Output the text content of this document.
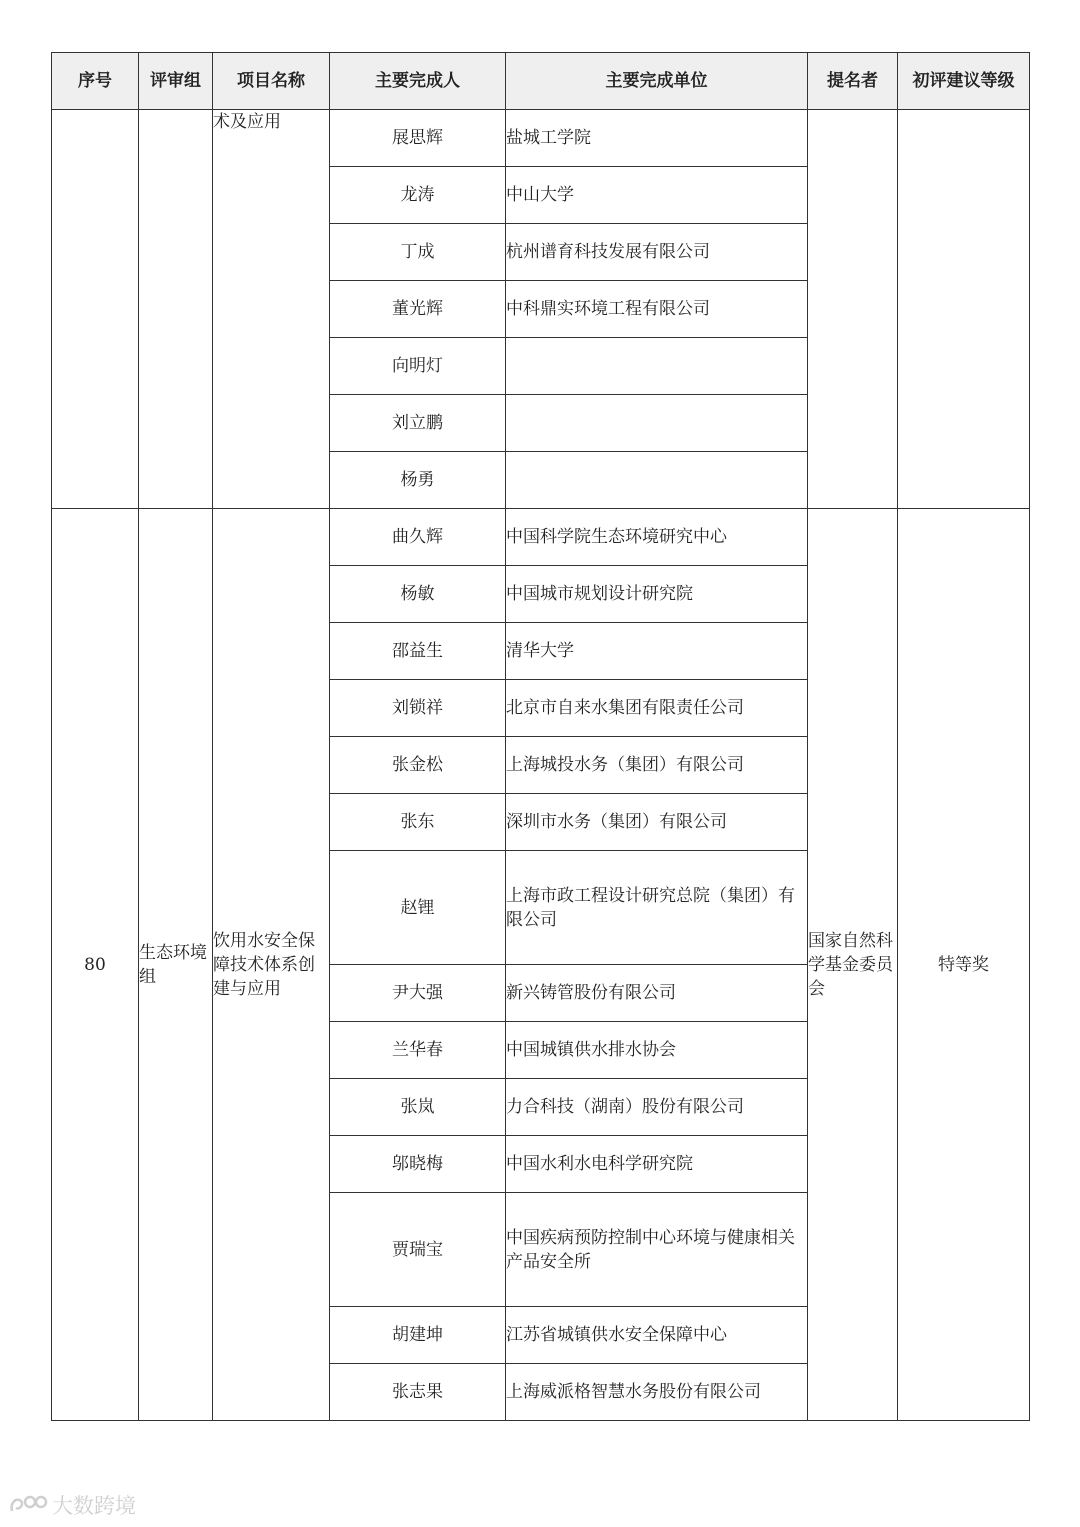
序号	评审组	项目名称	主要完成人	主要完成单位	提名者	初评建议等级
		术及应用	展思辉	盐城工学院		
			龙涛	中山大学		
			丁成	杭州谱育科技发展有限公司		
			董光辉	中科鼎实环境工程有限公司		
			向明灯			
			刘立鹏			
			杨勇			
80	生态环境组	饮用水安全保障技术体系创建与应用	曲久辉	中国科学院生态环境研究中心	国家自然科学基金委员会	特等奖
			杨敏	中国城市规划设计研究院		
			邵益生	清华大学		
			刘锁祥	北京市自来水集团有限责任公司		
			张金松	上海城投水务（集团）有限公司		
			张东	深圳市水务（集团）有限公司		
			赵锂	上海市政工程设计研究总院（集团）有限公司		
			尹大强	新兴铸管股份有限公司		
			兰华春	中国城镇供水排水协会		
			张岚	力合科技（湖南）股份有限公司		
			邬晓梅	中国水利水电科学研究院		
			贾瑞宝	中国疾病预防控制中心环境与健康相关产品安全所		
			胡建坤	江苏省城镇供水安全保障中心		
			张志果	上海威派格智慧水务股份有限公司		
大数跨境
